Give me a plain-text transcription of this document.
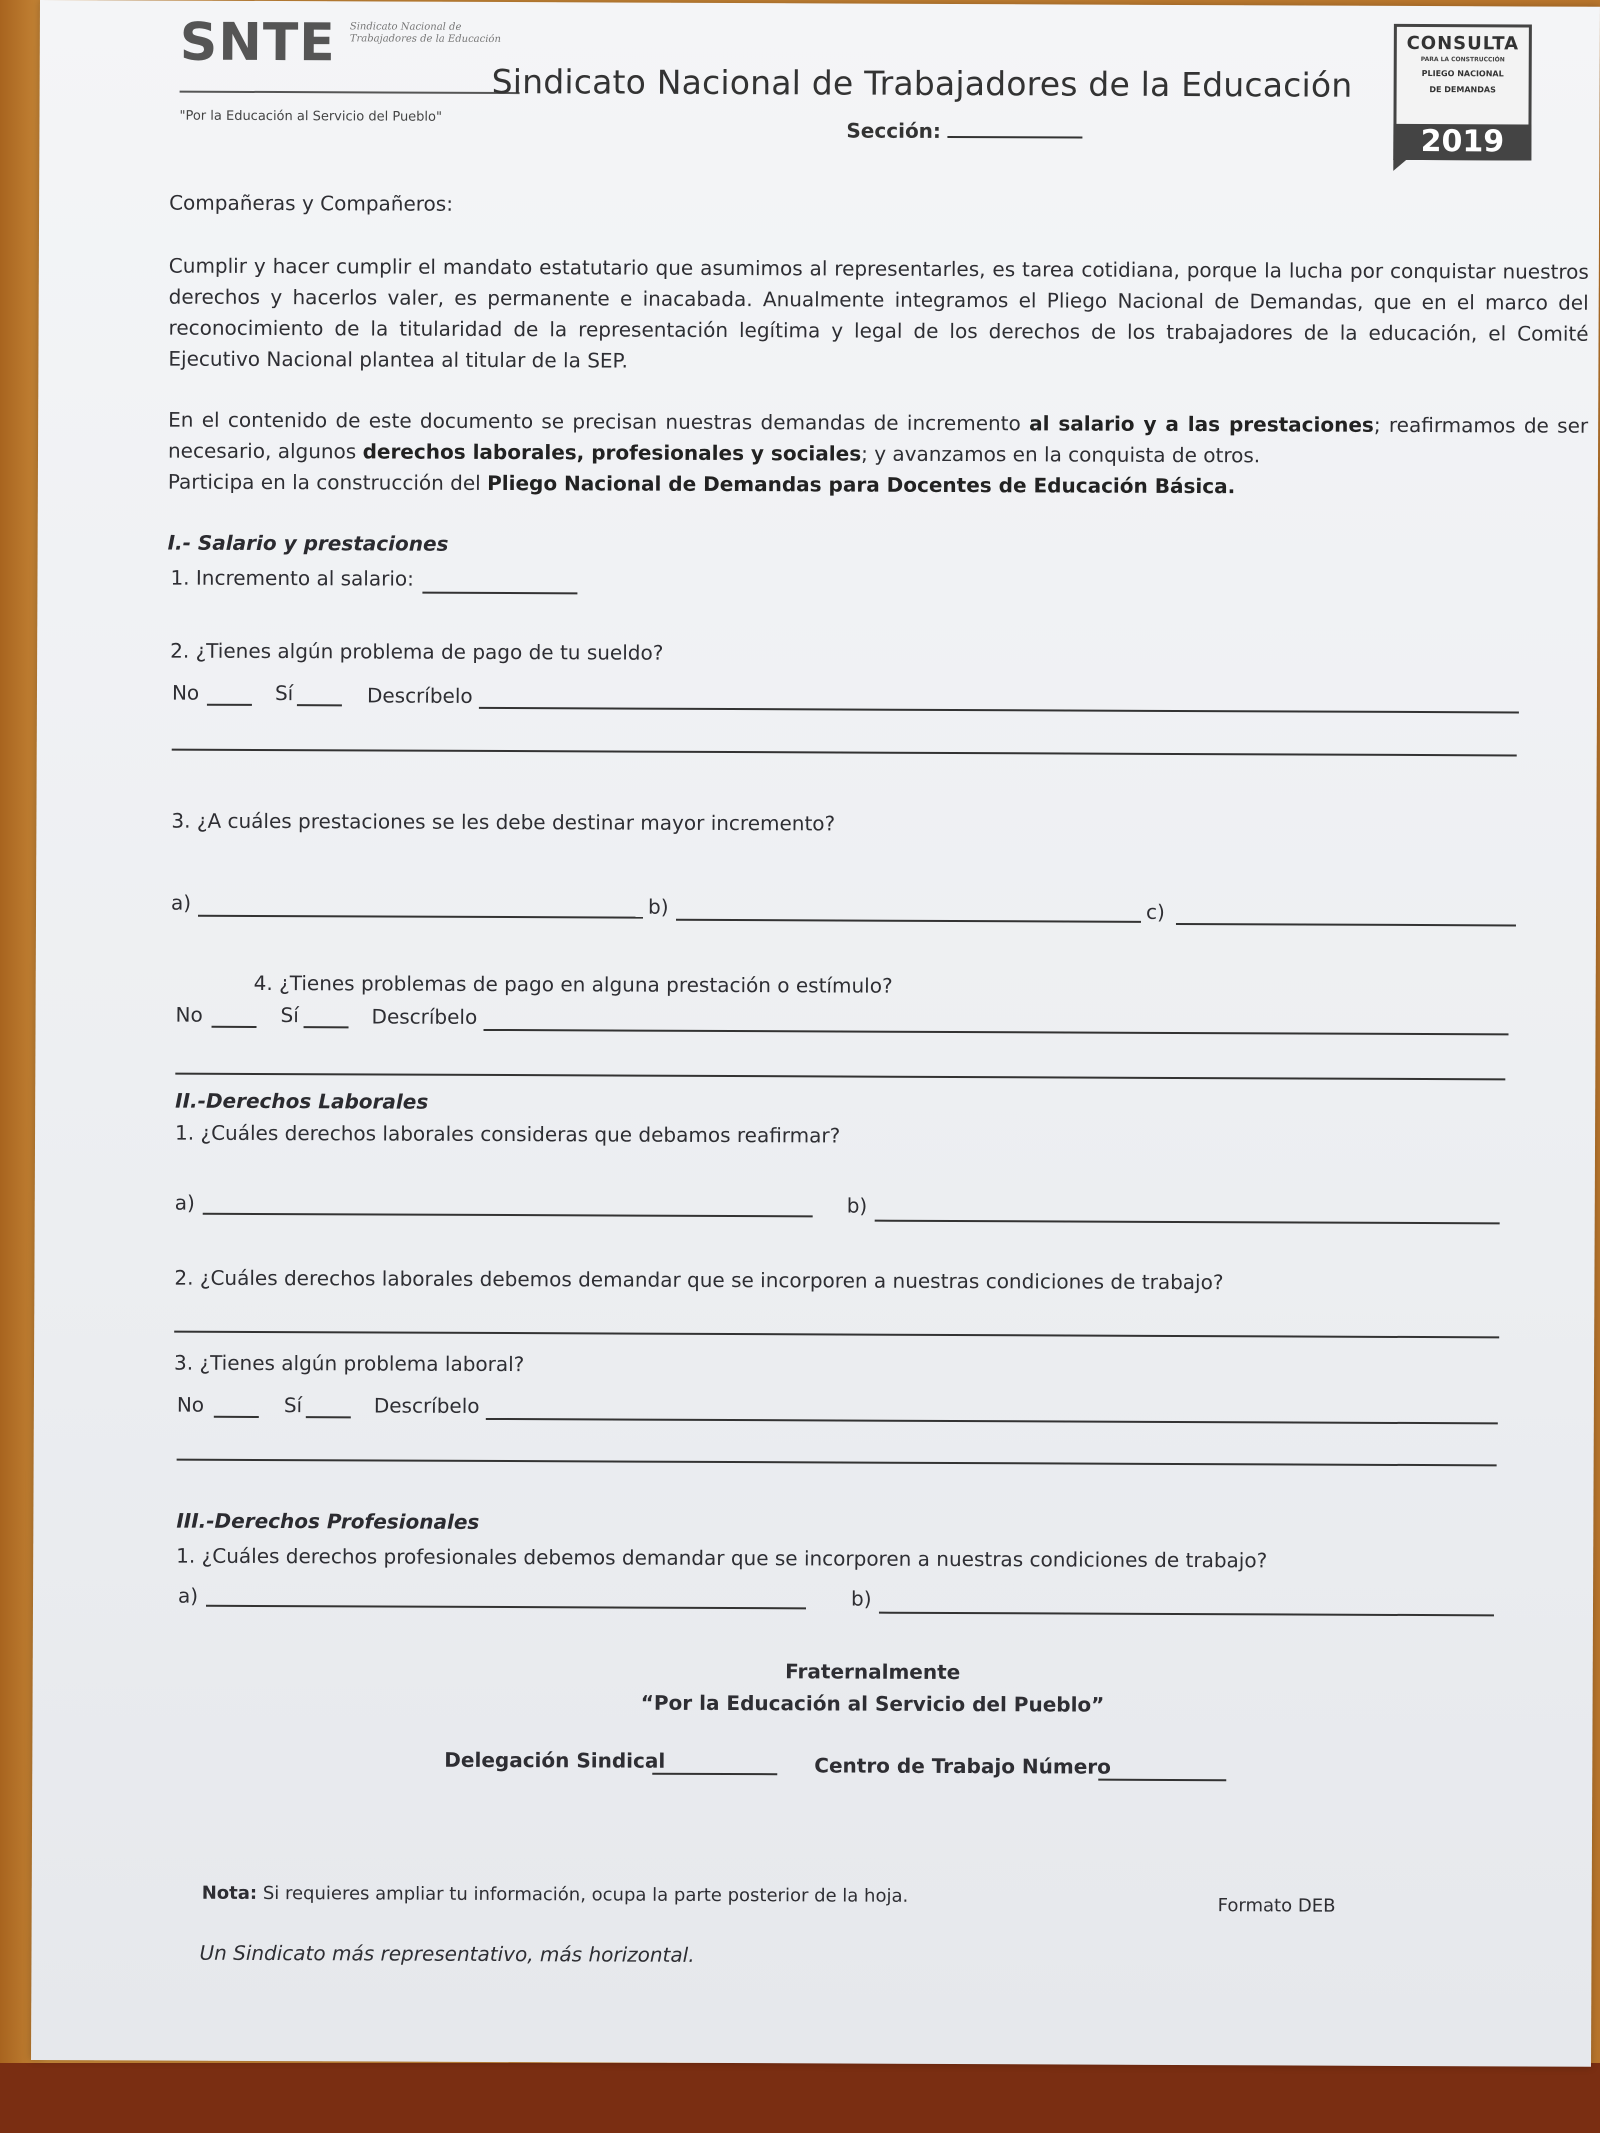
SNTE Sindicato Nacional de Trabajadores de la Educación
"Por la Educación al Servicio del Pueblo"
Sindicato Nacional de Trabajadores de la Educación
Sección:
CONSULTA
PARA LA CONSTRUCCIÓN
PLIEGO NACIONAL
DE DEMANDAS
2019
Compañeras y Compañeros:
Cumplir y hacer cumplir el mandato estatutario que asumimos al representarles, es tarea cotidiana, porque la lucha por conquistar nuestros derechos y hacerlos valer, es permanente e inacabada. Anualmente integramos el Pliego Nacional de Demandas, que en el marco del reconocimiento de la titularidad de la representación legítima y legal de los derechos de los trabajadores de la educación, el Comité Ejecutivo Nacional plantea al titular de la SEP.
En el contenido de este documento se precisan nuestras demandas de incremento al salario y a las prestaciones; reafirmamos de ser necesario, algunos derechos laborales, profesionales y sociales; y avanzamos en la conquista de otros.
Participa en la construcción del Pliego Nacional de Demandas para Docentes de Educación Básica.
I.- Salario y prestaciones
1. Incremento al salario:
2. ¿Tienes algún problema de pago de tu sueldo?
No	Sí	Descríbelo
3. ¿A cuáles prestaciones se les debe destinar mayor incremento?
a)	b)	c)
4. ¿Tienes problemas de pago en alguna prestación o estímulo?
No	Sí	Descríbelo
II.-Derechos Laborales
1. ¿Cuáles derechos laborales consideras que debamos reafirmar?
a)	b)
2. ¿Cuáles derechos laborales debemos demandar que se incorporen a nuestras condiciones de trabajo?
3. ¿Tienes algún problema laboral?
No	Sí	Descríbelo
III.-Derechos Profesionales
1. ¿Cuáles derechos profesionales debemos demandar que se incorporen a nuestras condiciones de trabajo?
a)	b)
Fraternalmente
“Por la Educación al Servicio del Pueblo”
Delegación Sindical	Centro de Trabajo Número
Nota: Si requieres ampliar tu información, ocupa la parte posterior de la hoja.	Formato DEB
Un Sindicato más representativo, más horizontal.
